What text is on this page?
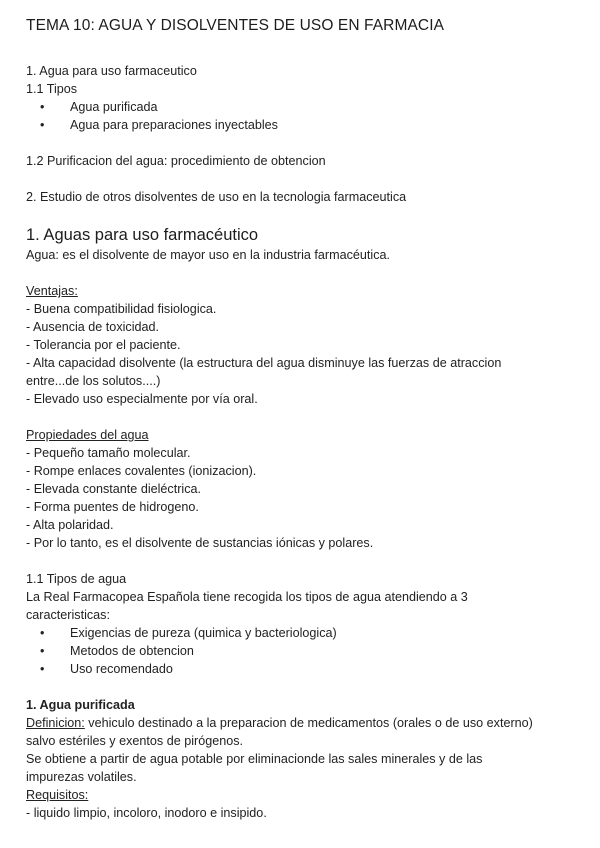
TEMA 10: AGUA Y DISOLVENTES DE USO EN FARMACIA
1. Agua para uso farmaceutico
1.1 Tipos
• Agua purificada
• Agua para preparaciones inyectables
1.2 Purificacion del agua: procedimiento de obtencion
2. Estudio de otros disolventes de uso en la tecnologia farmaceutica
1. Aguas para uso farmacéutico
Agua: es el disolvente de mayor uso en la industria farmacéutica.
Ventajas:
- Buena compatibilidad fisiologica.
- Ausencia de toxicidad.
- Tolerancia por el paciente.
- Alta capacidad disolvente (la estructura del agua disminuye las fuerzas de atraccion
entre...de los solutos....)
- Elevado uso especialmente por vía oral.
Propiedades del agua
- Pequeño tamaño molecular.
- Rompe enlaces covalentes (ionizacion).
- Elevada constante dieléctrica.
- Forma puentes de hidrogeno.
- Alta polaridad.
- Por lo tanto, es el disolvente de sustancias iónicas y polares.
1.1 Tipos de agua
La Real Farmacopea Española tiene recogida los tipos de agua atendiendo a 3
caracteristicas:
• Exigencias de pureza (quimica y bacteriologica)
• Metodos de obtencion
• Uso recomendado
1. Agua purificada
Definicion: vehiculo destinado a la preparacion de medicamentos (orales o de uso externo)
salvo estériles y exentos de pirógenos.
Se obtiene a partir de agua potable por eliminacionde las sales minerales y de las
impurezas volatiles.
Requisitos:
- liquido limpio, incoloro, inodoro e insipido.
